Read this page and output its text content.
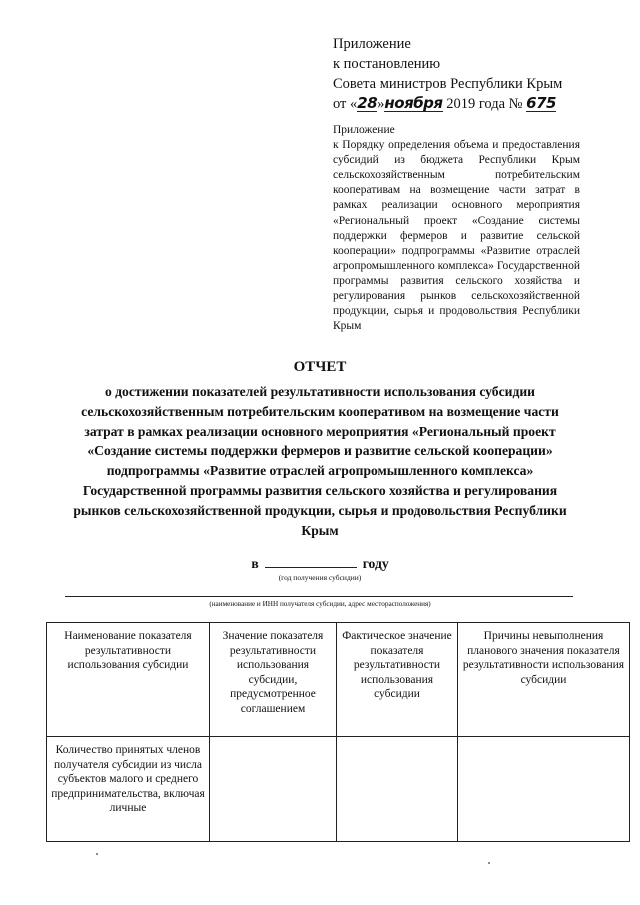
Приложение
к постановлению
Совета министров Республики Крым
от «28»ноября 2019 года № 675

Приложение

к Порядку определения объема и предоставления субсидий из бюджета Республики Крым сельскохозяйственным потребительским кооперативам на возмещение части затрат в рамках реализации основного мероприятия «Региональный проект «Создание системы поддержки фермеров и развитие сельской кооперации» подпрограммы «Развитие отраслей агропромышленного комплекса» Государственной программы развития сельского хозяйства и регулирования рынков сельскохозяйственной продукции, сырья и продовольствия Республики Крым

ОТЧЕТ
о достижении показателей результативности использования субсидии сельскохозяйственным потребительским кооперативом на возмещение части затрат в рамках реализации основного мероприятия «Региональный проект «Создание системы поддержки фермеров и развитие сельской кооперации» подпрограммы «Развитие отраслей агропромышленного комплекса» Государственной программы развития сельского хозяйства и регулирования рынков сельскохозяйственной продукции, сырья и продовольствия Республики Крым
в	году
(год получения субсидии)
(наименование и ИНН получателя субсидии, адрес месторасположения)
Наименование показателя результативности использования субсидии	Значение показателя результативности использования субсидии, предусмотренное соглашением	Фактическое значение показателя результативности использования субсидии	Причины невыполнения планового значения показателя результативности использования субсидии
Количество принятых членов получателя субсидии из числа субъектов малого и среднего предпринимательства, включая личные			
